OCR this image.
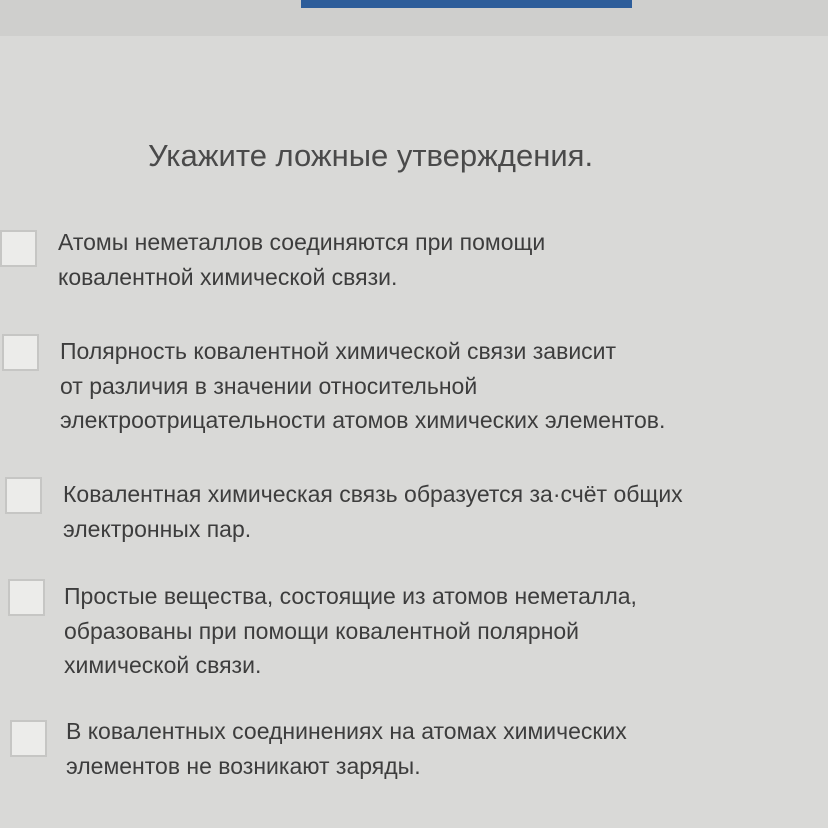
Укажите ложные утверждения.
Атомы неметаллов соединяются при помощи
ковалентной химической связи.
Полярность ковалентной химической связи зависит
от различия в значении относительной
электроотрицательности атомов химических элементов.
Ковалентная химическая связь образуется за·счёт общих
электронных пар.
Простые вещества, состоящие из атомов неметалла,
образованы при помощи ковалентной полярной
химической связи.
В ковалентных соеднинениях на атомах химических
элементов не возникают заряды.
